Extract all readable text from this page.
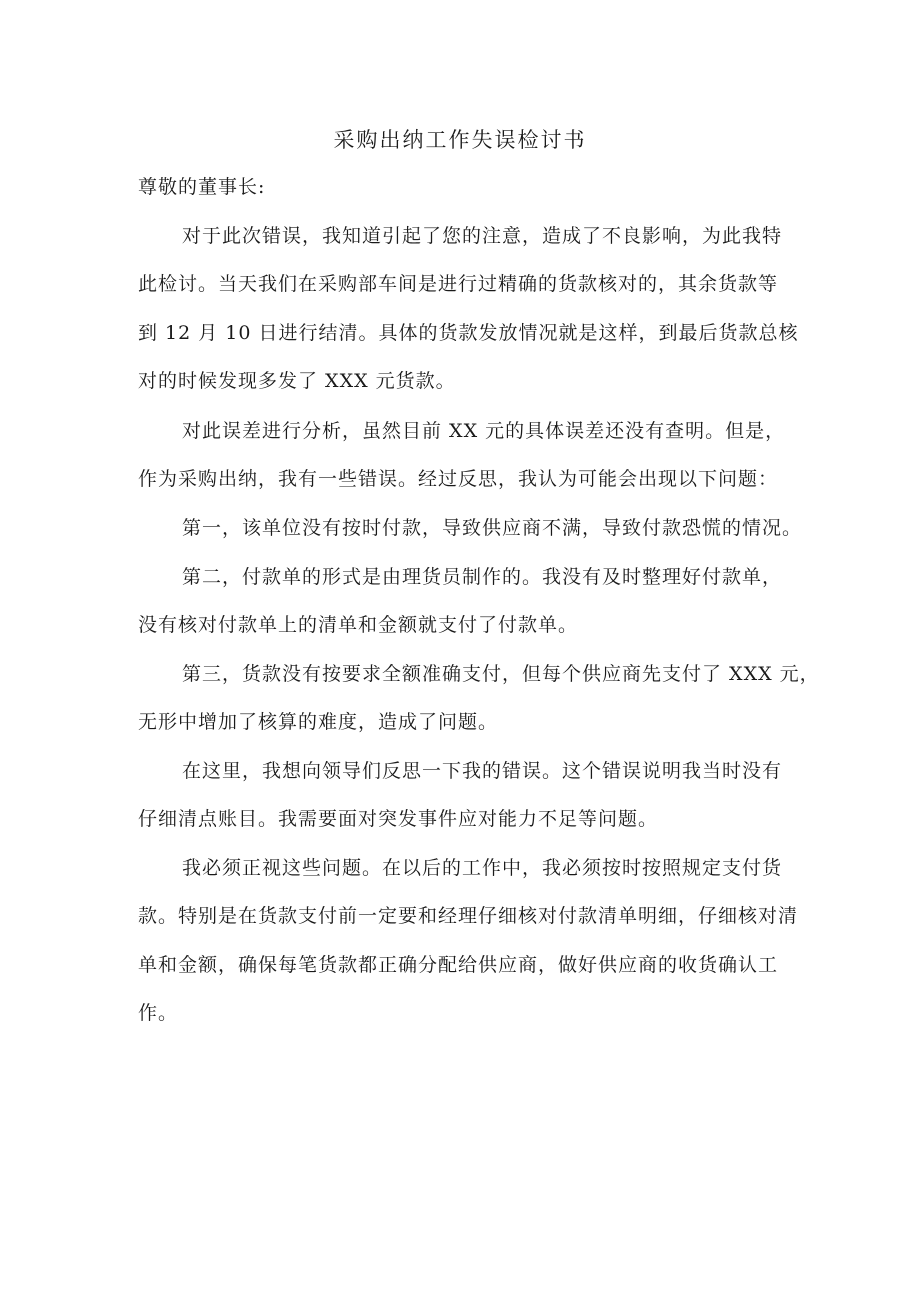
采购出纳工作失误检讨书
尊敬的董事长:
对于此次错误，我知道引起了您的注意，造成了不良影响，为此我特
此检讨。当天我们在采购部车间是进行过精确的货款核对的，其余货款等
到 12 月 10 日进行结清。具体的货款发放情况就是这样，到最后货款总核
对的时候发现多发了 XXX 元货款。
对此误差进行分析，虽然目前 XX 元的具体误差还没有查明。但是，
作为采购出纳，我有一些错误。经过反思，我认为可能会出现以下问题：
第一，该单位没有按时付款，导致供应商不满，导致付款恐慌的情况。
第二，付款单的形式是由理货员制作的。我没有及时整理好付款单，
没有核对付款单上的清单和金额就支付了付款单。
第三，货款没有按要求全额准确支付，但每个供应商先支付了 XXX 元，
无形中增加了核算的难度，造成了问题。
在这里，我想向领导们反思一下我的错误。这个错误说明我当时没有
仔细清点账目。我需要面对突发事件应对能力不足等问题。
我必须正视这些问题。在以后的工作中，我必须按时按照规定支付货
款。特别是在货款支付前一定要和经理仔细核对付款清单明细，仔细核对清
单和金额，确保每笔货款都正确分配给供应商，做好供应商的收货确认工
作。
